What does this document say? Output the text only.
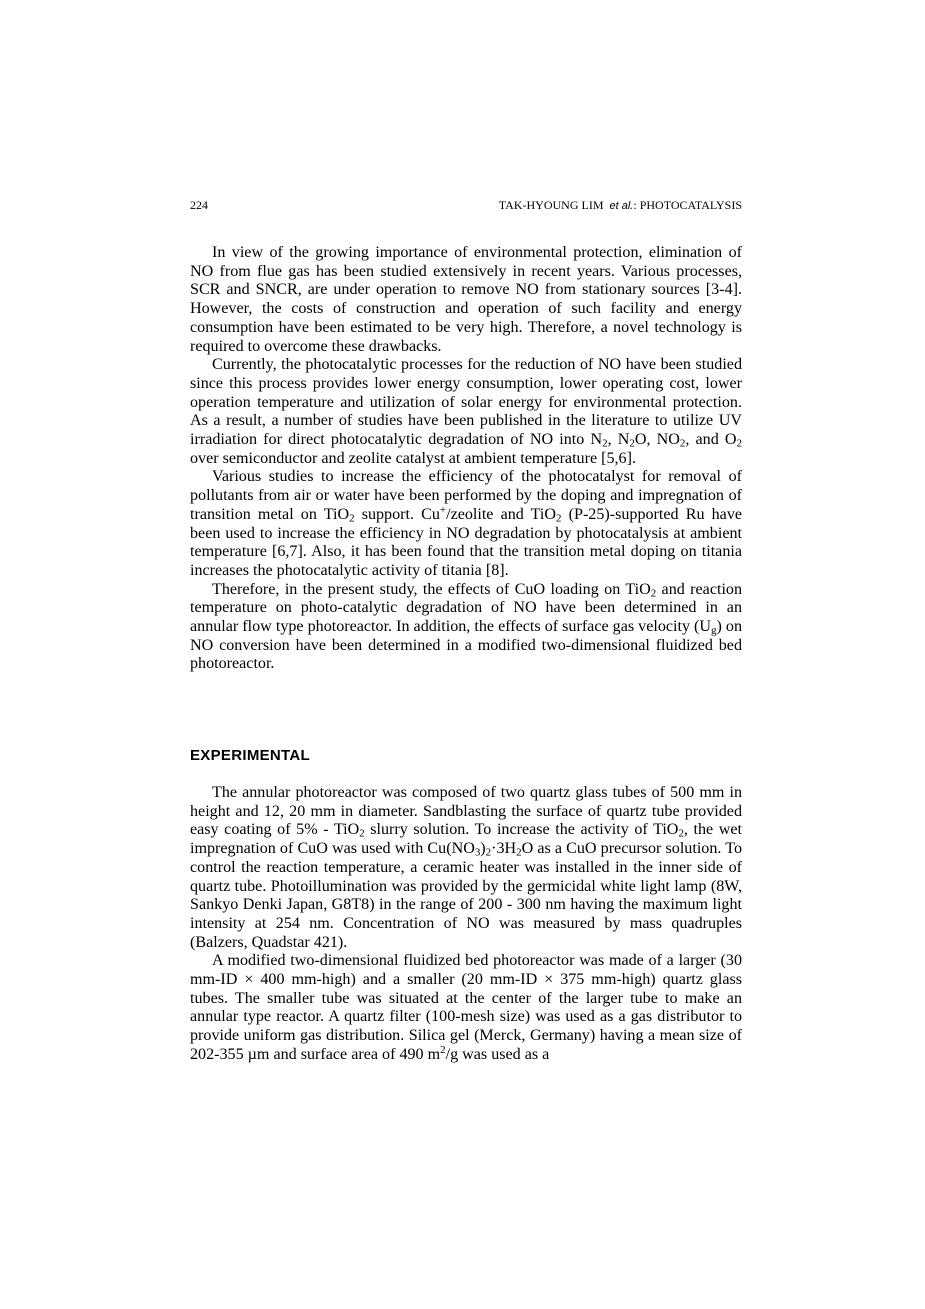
224	TAK-HYOUNG LIM et al.: PHOTOCATALYSIS

In view of the growing importance of environmental protection, elimination of NO from flue gas has been studied extensively in recent years. Various processes, SCR and SNCR, are under operation to remove NO from stationary sources [3-4]. However, the costs of construction and operation of such facility and energy consumption have been estimated to be very high. Therefore, a novel technology is required to overcome these drawbacks.

Currently, the photocatalytic processes for the reduction of NO have been studied since this process provides lower energy consumption, lower operating cost, lower operation temperature and utilization of solar energy for environmental protection. As a result, a number of studies have been published in the literature to utilize UV irradiation for direct photocatalytic degradation of NO into $N_2$, $N_2O$, $NO_2$, and $O_2$ over semiconductor and zeolite catalyst at ambient temperature [5,6].

Various studies to increase the efficiency of the photocatalyst for removal of pollutants from air or water have been performed by the doping and impregnation of transition metal on TiO$_2$ support. Cu+/zeolite and TiO$_2$ (P-25)-supported Ru have been used to increase the efficiency in NO degradation by photocatalysis at ambient temperature [6,7]. Also, it has been found that the transition metal doping on titania increases the photocatalytic activity of titania [8].

Therefore, in the present study, the effects of CuO loading on TiO$_2$ and reaction temperature on photo-catalytic degradation of NO have been determined in an annular flow type photoreactor. In addition, the effects of surface gas velocity $(U_g)$ on NO conversion have been determined in a modified two-dimensional fluidized bed photoreactor.

EXPERIMENTAL

The annular photoreactor was composed of two quartz glass tubes of 500 mm in height and 12, 20 mm in diameter. Sandblasting the surface of quartz tube provided easy coating of 5% - TiO$_2$ slurry solution. To increase the activity of TiO$_2$, the wet impregnation of CuO was used with $Cu(NO_3)_2\cdot 3H_2O$ as a CuO precursor solution. To control the reaction temperature, a ceramic heater was installed in the inner side of quartz tube. Photoillumination was provided by the germicidal white light lamp (8W, Sankyo Denki Japan, G8T8) in the range of 200 - 300 nm having the maximum light intensity at 254 nm. Concentration of NO was measured by mass quadruples (Balzers, Quadstar 421).

A modified two-dimensional fluidized bed photoreactor was made of a larger (30 mm-ID × 400 mm-high) and a smaller (20 mm-ID × 375 mm-high) quartz glass tubes. The smaller tube was situated at the center of the larger tube to make an annular type reactor. A quartz filter (100-mesh size) was used as a gas distributor to provide uniform gas distribution. Silica gel (Merck, Germany) having a mean size of 202-355 µm and surface area of 490 $m^2/g$ was used as a
